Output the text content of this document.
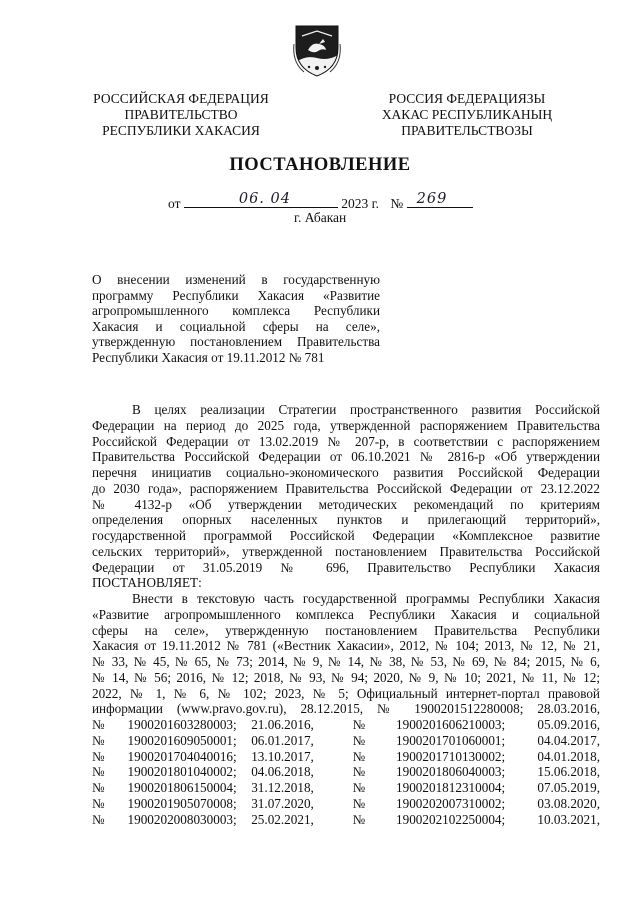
РОССИЙСКАЯ ФЕДЕРАЦИЯ
ПРАВИТЕЛЬСТВО
РЕСПУБЛИКИ ХАКАСИЯ
РОССИЯ ФЕДЕРАЦИЯЗЫ
ХАКАС РЕСПУБЛИКАНЫҢ
ПРАВИТЕЛЬСТВОЗЫ
ПОСТАНОВЛЕНИЕ
от	06. 04	2023 г. № 269
г. Абакан
О внесении изменений в государственную
программу Республики Хакасия «Развитие
агропромышленного комплекса Республики
Хакасия и социальной сферы на селе»,
утвержденную постановлением Правительства
Республики Хакасия от 19.11.2012 № 781
В целях реализации Стратегии пространственного развития Российской
Федерации на период до 2025 года, утвержденной распоряжением Правительства
Российской Федерации от 13.02.2019 № 207-р, в соответствии с распоряжением
Правительства Российской Федерации от 06.10.2021 № 2816-р «Об утверждении
перечня инициатив социально-экономического развития Российской Федерации
до 2030 года», распоряжением Правительства Российской Федерации от 23.12.2022
№ 4132-р «Об утверждении методических рекомендаций по критериям
определения опорных населенных пунктов и прилегающий территорий»,
государственной программой Российской Федерации «Комплексное развитие
сельских территорий», утвержденной постановлением Правительства Российской
Федерации от 31.05.2019 № 696, Правительство Республики Хакасия
ПОСТАНОВЛЯЕТ:
Внести в текстовую часть государственной программы Республики Хакасия
«Развитие агропромышленного комплекса Республики Хакасия и социальной
сферы на селе», утвержденную постановлением Правительства Республики
Хакасия от 19.11.2012 № 781 («Вестник Хакасии», 2012, № 104; 2013, № 12, № 21,
№ 33, № 45, № 65, № 73; 2014, № 9, № 14, № 38, № 53, № 69, № 84; 2015, № 6,
№ 14, № 56; 2016, № 12; 2018, № 93, № 94; 2020, № 9, № 10; 2021, № 11, № 12;
2022, № 1, № 6, № 102; 2023, № 5; Официальный интернет-портал правовой
информации (www.pravo.gov.ru), 28.12.2015, № 1900201512280008; 28.03.2016,
№	1900201603280003;	21.06.2016,	№	1900201606210003;	05.09.2016,
№	1900201609050001;	06.01.2017,	№	1900201701060001;	04.04.2017,
№	1900201704040016;	13.10.2017,	№	1900201710130002;	04.01.2018,
№	1900201801040002;	04.06.2018,	№	1900201806040003;	15.06.2018,
№	1900201806150004;	31.12.2018,	№	1900201812310004;	07.05.2019,
№	1900201905070008;	31.07.2020,	№	1900202007310002;	03.08.2020,
№	1900202008030003;	25.02.2021,	№	1900202102250004;	10.03.2021,
